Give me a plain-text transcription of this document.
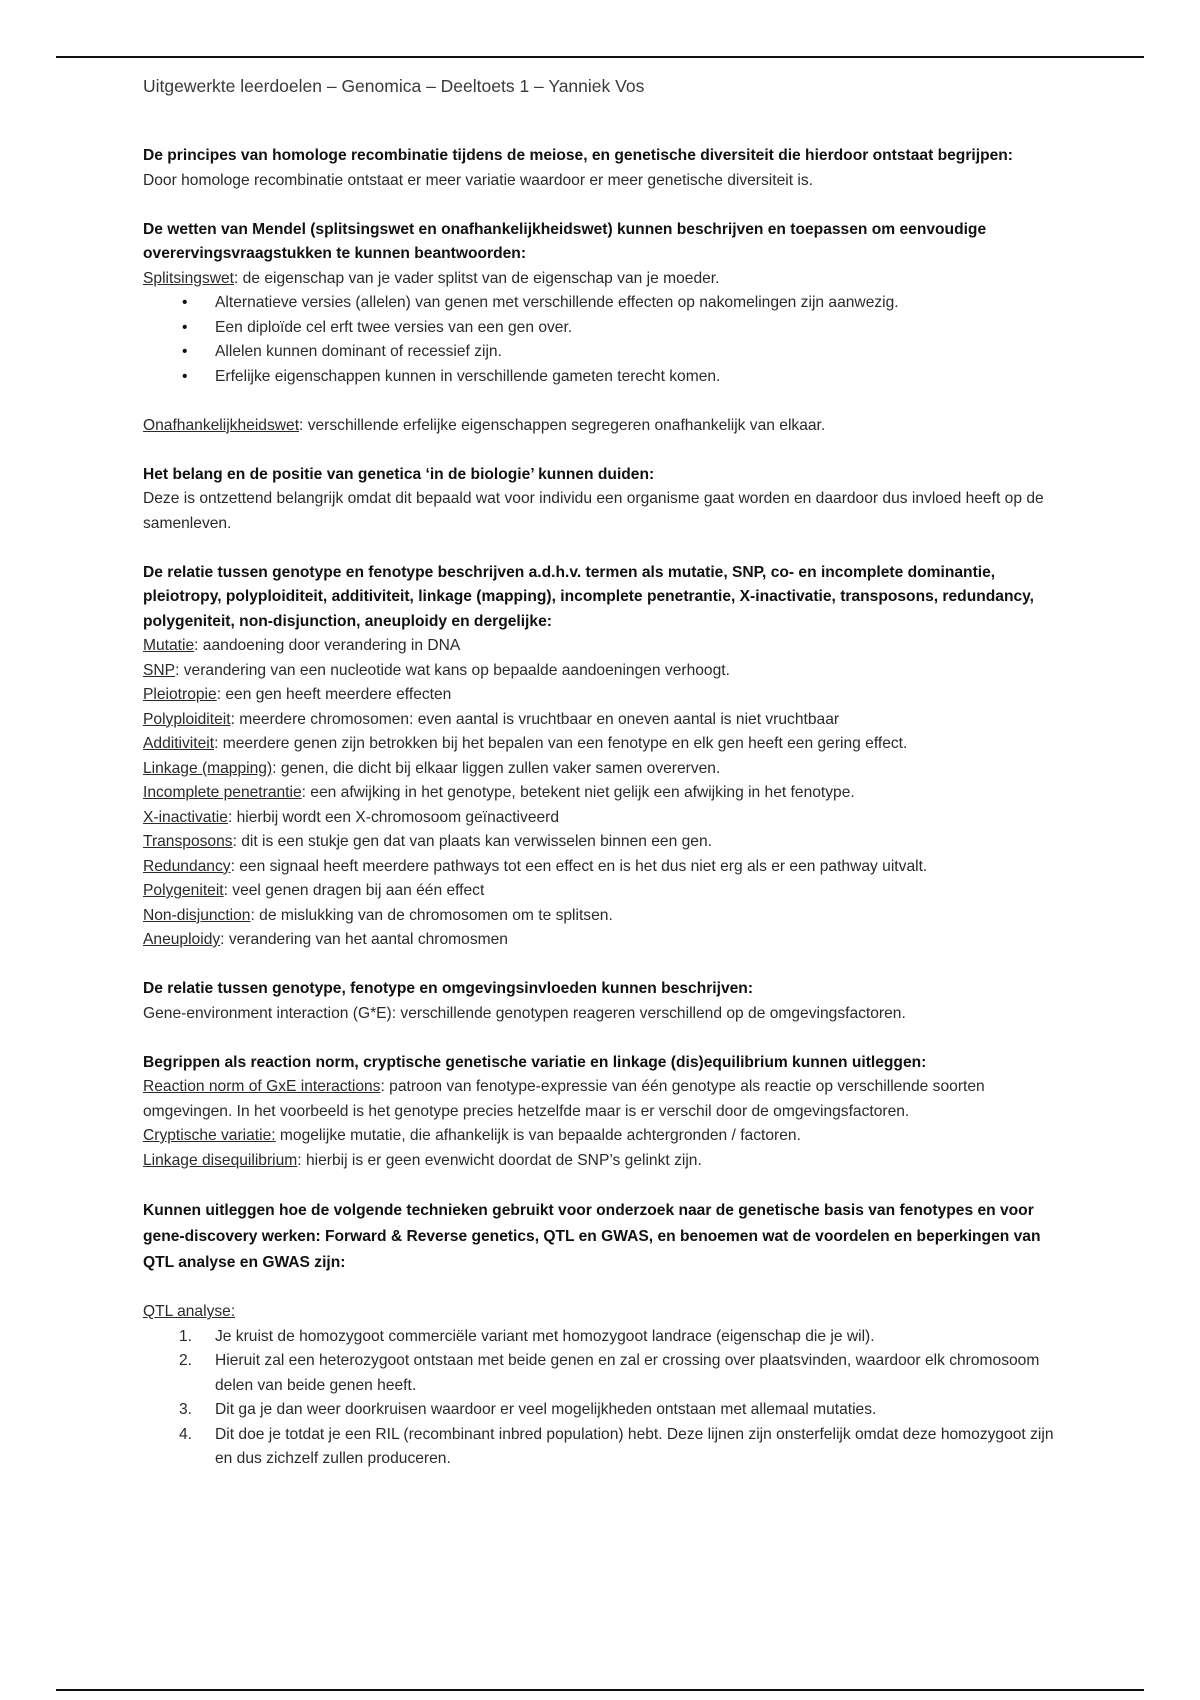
Uitgewerkte leerdoelen – Genomica – Deeltoets 1 – Yanniek Vos

De principes van homologe recombinatie tijdens de meiose, en genetische diversiteit die hierdoor ontstaat begrijpen:

Door homologe recombinatie ontstaat er meer variatie waardoor er meer genetische diversiteit is.

De wetten van Mendel (splitsingswet en onafhankelijkheidswet) kunnen beschrijven en toepassen om eenvoudige overervingsvraagstukken te kunnen beantwoorden:

Splitsingswet: de eigenschap van je vader splitst van de eigenschap van je moeder.

• Alternatieve versies (allelen) van genen met verschillende effecten op nakomelingen zijn aanwezig.
• Een diploïde cel erft twee versies van een gen over.
• Allelen kunnen dominant of recessief zijn.
• Erfelijke eigenschappen kunnen in verschillende gameten terecht komen.

Onafhankelijkheidswet: verschillende erfelijke eigenschappen segregeren onafhankelijk van elkaar.

Het belang en de positie van genetica ‘in de biologie’ kunnen duiden:

Deze is ontzettend belangrijk omdat dit bepaald wat voor individu een organisme gaat worden en daardoor dus invloed heeft op de samenleven.

De relatie tussen genotype en fenotype beschrijven a.d.h.v. termen als mutatie, SNP, co- en incomplete dominantie, pleiotropy, polyploiditeit, additiviteit, linkage (mapping), incomplete penetrantie, X-inactivatie, transposons, redundancy, polygeniteit, non-disjunction, aneuploidy en dergelijke:

Mutatie: aandoening door verandering in DNA

SNP: verandering van een nucleotide wat kans op bepaalde aandoeningen verhoogt.

Pleiotropie: een gen heeft meerdere effecten

Polyploiditeit: meerdere chromosomen: even aantal is vruchtbaar en oneven aantal is niet vruchtbaar

Additiviteit: meerdere genen zijn betrokken bij het bepalen van een fenotype en elk gen heeft een gering effect.

Linkage (mapping): genen, die dicht bij elkaar liggen zullen vaker samen overerven.

Incomplete penetrantie: een afwijking in het genotype, betekent niet gelijk een afwijking in het fenotype.

X-inactivatie: hierbij wordt een X-chromosoom geïnactiveerd

Transposons: dit is een stukje gen dat van plaats kan verwisselen binnen een gen.

Redundancy: een signaal heeft meerdere pathways tot een effect en is het dus niet erg als er een pathway uitvalt.

Polygeniteit: veel genen dragen bij aan één effect

Non-disjunction: de mislukking van de chromosomen om te splitsen.

Aneuploidy: verandering van het aantal chromosmen

De relatie tussen genotype, fenotype en omgevingsinvloeden kunnen beschrijven:

Gene-environment interaction (G*E): verschillende genotypen reageren verschillend op de omgevingsfactoren.

Begrippen als reaction norm, cryptische genetische variatie en linkage (dis)equilibrium kunnen uitleggen:

Reaction norm of GxE interactions: patroon van fenotype-expressie van één genotype als reactie op verschillende soorten omgevingen. In het voorbeeld is het genotype precies hetzelfde maar is er verschil door de omgevingsfactoren.

Cryptische variatie: mogelijke mutatie, die afhankelijk is van bepaalde achtergronden / factoren.

Linkage disequilibrium: hierbij is er geen evenwicht doordat de SNP’s gelinkt zijn.

Kunnen uitleggen hoe de volgende technieken gebruikt voor onderzoek naar de genetische basis van fenotypes en voor gene-discovery werken: Forward & Reverse genetics, QTL en GWAS, en benoemen wat de voordelen en beperkingen van QTL analyse en GWAS zijn:

QTL analyse:

1. Je kruist de homozygoot commerciële variant met homozygoot landrace (eigenschap die je wil).
2. Hieruit zal een heterozygoot ontstaan met beide genen en zal er crossing over plaatsvinden, waardoor elk chromosoom delen van beide genen heeft.
3. Dit ga je dan weer doorkruisen waardoor er veel mogelijkheden ontstaan met allemaal mutaties.
4. Dit doe je totdat je een RIL (recombinant inbred population) hebt. Deze lijnen zijn onsterfelijk omdat deze homozygoot zijn en dus zichzelf zullen produceren.
